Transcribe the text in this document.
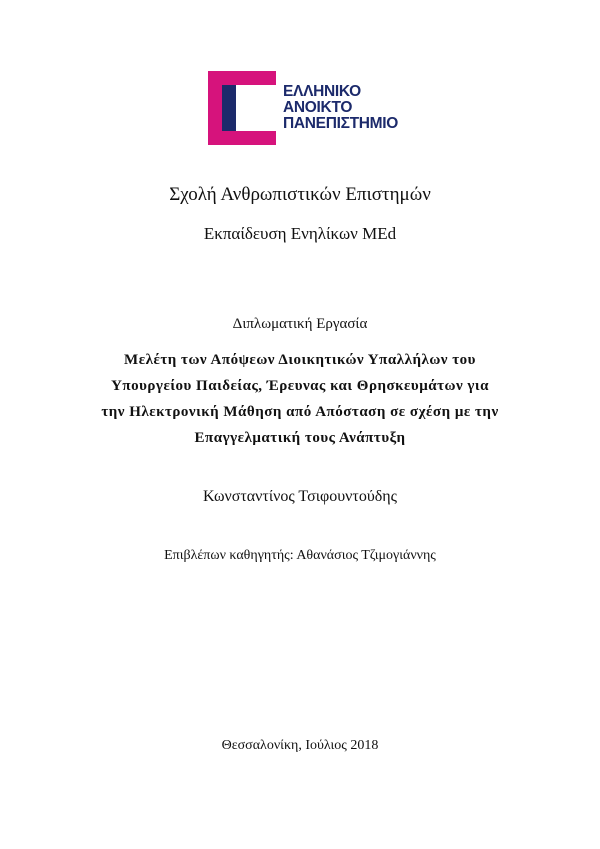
ΕΛΛΗΝΙΚΟ
ΑΝΟΙΚΤΟ
ΠΑΝΕΠΙΣΤΗΜΙΟ
Σχολή Ανθρωπιστικών Επιστημών
Εκπαίδευση Ενηλίκων MEd
Διπλωματική Εργασία
Μελέτη των Απόψεων Διοικητικών Υπαλλήλων του
Υπουργείου Παιδείας, Έρευνας και Θρησκευμάτων για
την Ηλεκτρονική Μάθηση από Απόσταση σε σχέση με την
Επαγγελματική τους Ανάπτυξη
Κωνσταντίνος Τσιφουντούδης
Επιβλέπων καθηγητής: Αθανάσιος Τζιμογιάννης
Θεσσαλονίκη, Ιούλιος 2018
